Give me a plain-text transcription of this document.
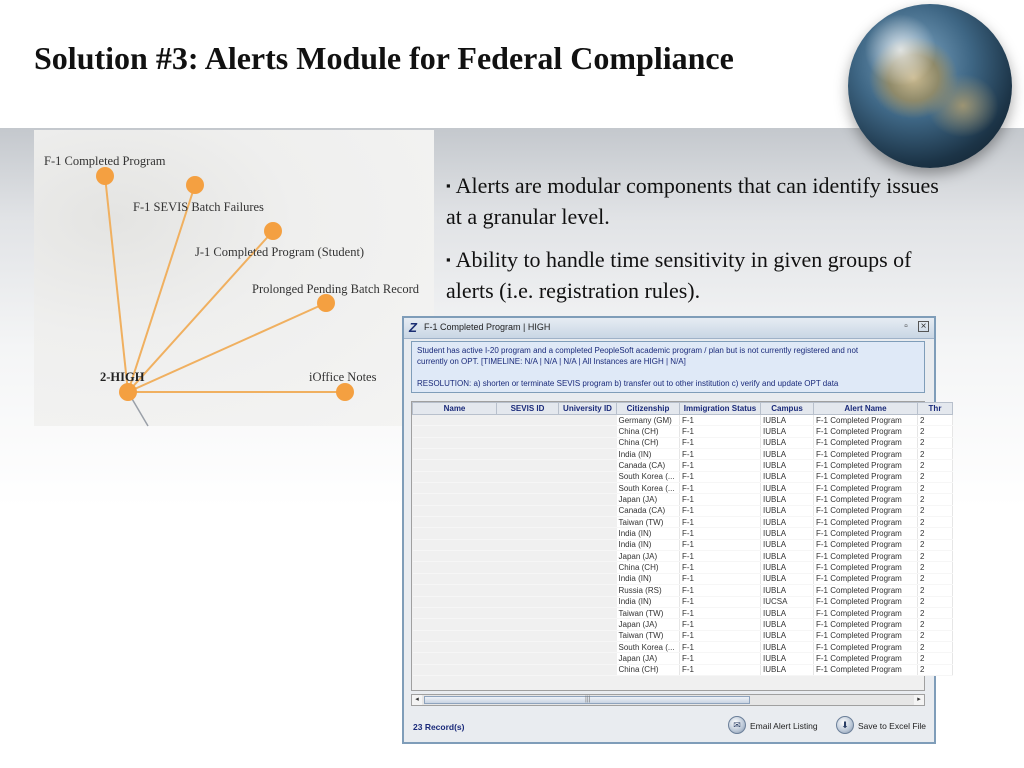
Solution #3: Alerts Module for Federal Compliance
F-1 Completed Program
F-1 SEVIS Batch Failures
J-1 Completed Program (Student)
Prolonged Pending Batch Record
iOffice Notes
2-HIGH

▪ Alerts are modular components that can identify issues at a granular level.

▪ Ability to handle time sensitivity in given groups of alerts (i.e. registration rules).

Z F-1 Completed Program | HIGH	▫	×
Student has active I-20 program and a completed PeopleSoft academic program / plan but is not currently registered and not
currently on OPT. [TIMELINE: N/A | N/A | N/A | All Instances are HIGH | N/A]
RESOLUTION: a) shorten or terminate SEVIS program b) transfer out to other institution c) verify and update OPT data
Name	SEVIS ID	University ID	Citizenship	Immigration Status	Campus	Alert Name	Thr
			Germany (GM)	F-1	IUBLA	F-1 Completed Program	2
			China (CH)	F-1	IUBLA	F-1 Completed Program	2
			China (CH)	F-1	IUBLA	F-1 Completed Program	2
			India (IN)	F-1	IUBLA	F-1 Completed Program	2
			Canada (CA)	F-1	IUBLA	F-1 Completed Program	2
			South Korea (...	F-1	IUBLA	F-1 Completed Program	2
			South Korea (...	F-1	IUBLA	F-1 Completed Program	2
			Japan (JA)	F-1	IUBLA	F-1 Completed Program	2
			Canada (CA)	F-1	IUBLA	F-1 Completed Program	2
			Taiwan (TW)	F-1	IUBLA	F-1 Completed Program	2
			India (IN)	F-1	IUBLA	F-1 Completed Program	2
			India (IN)	F-1	IUBLA	F-1 Completed Program	2
			Japan (JA)	F-1	IUBLA	F-1 Completed Program	2
			China (CH)	F-1	IUBLA	F-1 Completed Program	2
			India (IN)	F-1	IUBLA	F-1 Completed Program	2
			Russia (RS)	F-1	IUBLA	F-1 Completed Program	2
			India (IN)	F-1	IUCSA	F-1 Completed Program	2
			Taiwan (TW)	F-1	IUBLA	F-1 Completed Program	2
			Japan (JA)	F-1	IUBLA	F-1 Completed Program	2
			Taiwan (TW)	F-1	IUBLA	F-1 Completed Program	2
			South Korea (...	F-1	IUBLA	F-1 Completed Program	2
			Japan (JA)	F-1	IUBLA	F-1 Completed Program	2
			China (CH)	F-1	IUBLA	F-1 Completed Program	2
◂	|||	▸
23 Record(s)	✉	Email Alert Listing	⬇	Save to Excel File
